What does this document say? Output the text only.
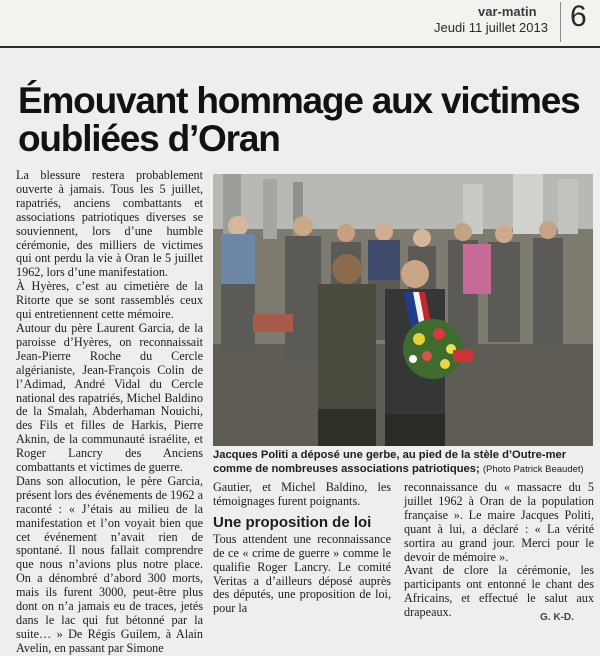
var-matin
Jeudi 11 juillet 2013 6
Émouvant hommage aux victimes oubliées d’Oran

La blessure restera probablement ouverte à jamais. Tous les 5 juillet, rapatriés, anciens combattants et associations patriotiques diverses se souviennent, lors d’une humble cérémonie, des milliers de victimes qui ont perdu la vie à Oran le 5 juillet 1962, lors d’une manifestation.

À Hyères, c’est au cimetière de la Ritorte que se sont rassemblés ceux qui entretiennent cette mémoire.

Autour du père Laurent Garcia, de la paroisse d’Hyères, on reconnaissait Jean-Pierre Roche du Cercle algérianiste, Jean-François Colin de l’Adimad, André Vidal du Cercle national des rapatriés, Michel Baldino de la Smalah, Abderhaman Nouichi, des Fils et filles de Harkis, Pierre Aknin, de la communauté israélite, et Roger Lancry des Anciens combattants et victimes de guerre.

Dans son allocution, le père Garcia, présent lors des événements de 1962 a raconté : « J’étais au milieu de la manifestation et l’on voyait bien que cet événement n’avait rien de spontané. Il nous fallait comprendre que nous n’avions plus notre place. On a dénombré d’abord 300 morts, mais ils furent 3000, peut-être plus dont on n’a jamais eu de traces, jetés dans le lac qui fut bétonné par la suite… » De Régis Guilem, à Alain Avelin, en passant par Simone

Jacques Politi a déposé une gerbe, au pied de la stèle d’Outre-mer comme de nombreuses associations patriotiques; (Photo Patrick Beaudet)

Gautier, et Michel Baldino, les témoignages furent poignants.

Une proposition de loi

Tous attendent une reconnaissance de ce « crime de guerre » comme le qualifie Roger Lancry. Le comité Veritas a d’ailleurs déposé auprès des députés, une proposition de loi, pour la

reconnaissance du « massacre du 5 juillet 1962 à Oran de la population française ». Le maire Jacques Politi, quant à lui, a déclaré : « La vérité sortira au grand jour. Merci pour le devoir de mémoire ».

Avant de clore la cérémonie, les participants ont entonné le chant des Africains, et effectué le salut aux drapeaux.	G. K-D.
